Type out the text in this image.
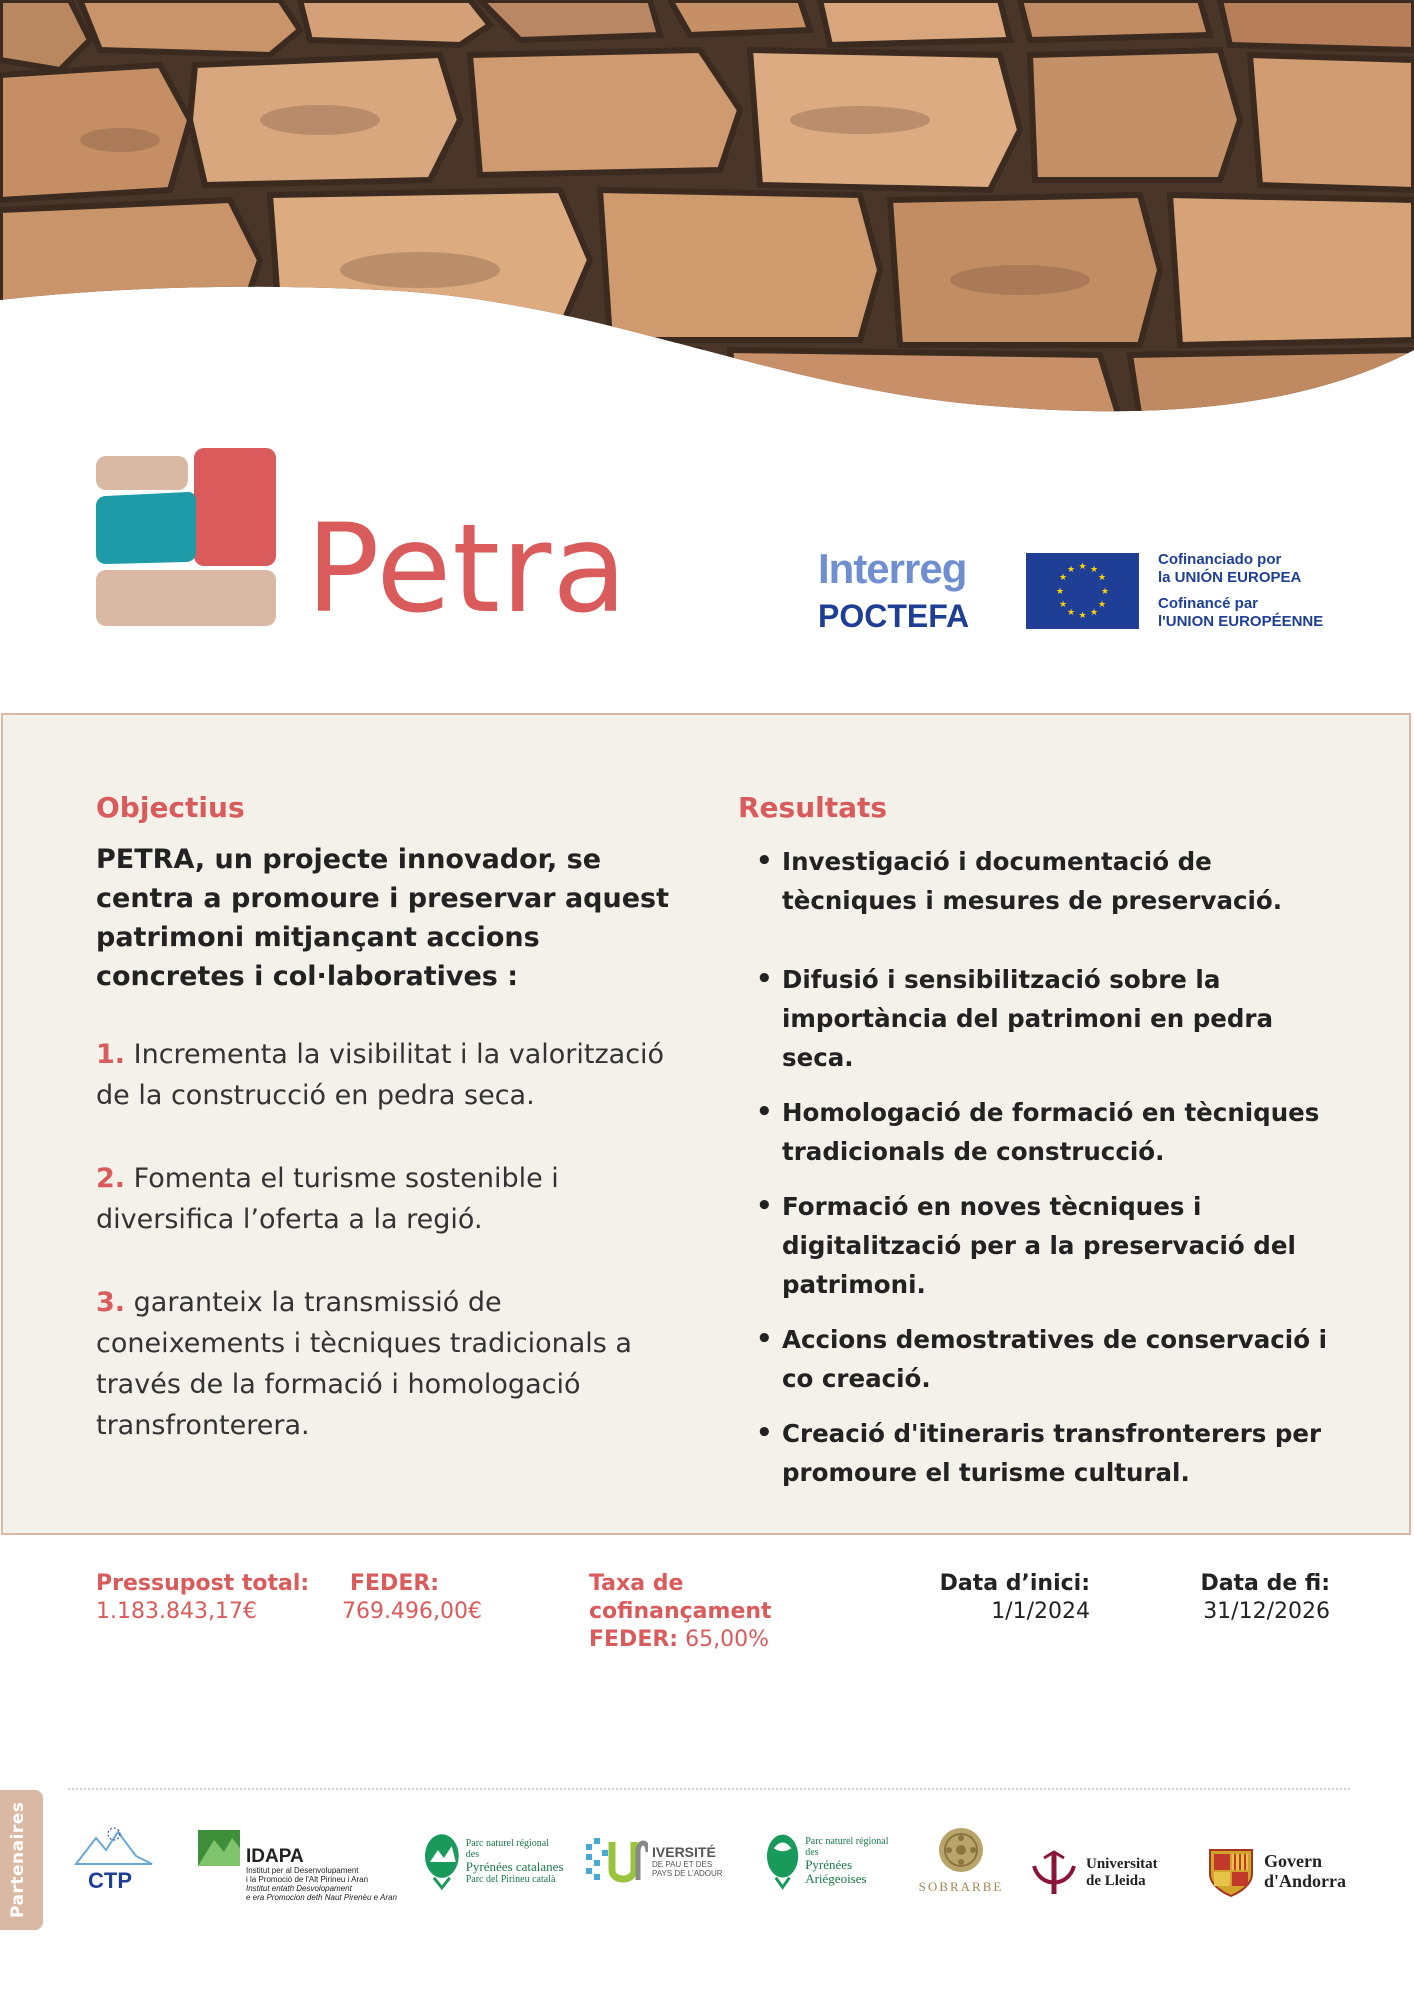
Petra	Interreg
POCTEFA
★ ★
★
★
★
★
★
★
★
★
★
★
Cofinanciado por
la UNIÓN EUROPEA
Cofinancé par
l'UNION EUROPÉENNE
Objectius
PETRA, un projecte innovador, se centra a promoure i preservar aquest patrimoni mitjançant accions concretes i col·laboratives :
1. Incrementa la visibilitat i la valorització de la construcció en pedra seca.
2. Fomenta el turisme sostenible i diversifica l’oferta a la regió.
3. garanteix la transmissió de coneixements i tècniques tradicionals a través de la formació i homologació transfronterera.
Resultats
• Investigació i documentació de tècniques i mesures de preservació.
• Difusió i sensibilització sobre la importància del patrimoni en pedra seca.
• Homologació de formació en tècniques tradicionals de construcció.
• Formació en noves tècniques i digitalització per a la preservació del patrimoni.
• Accions demostratives de conservació i co creació.
• Creació d'itineraris transfronterers per promoure el turisme cultural.
Pressupost total:
1.183.843,17€
FEDER:
769.496,00€
Taxa de
cofinançament
FEDER: 65,00%
Data d’inici:
1/1/2024
Data de fi:
31/12/2026
Partenaires	CTP
IDAPA
Institut per al Desenvolupament
i la Promoció de l'Alt Pirineu i Aran
Institut entath Desvolopament
e era Promocion deth Naut Pirenèu e Aran
Parc naturel régional des
Pyrénées catalanes
Parc del Pirineu català
IVERSITÉ
DE PAU ET DES
PAYS DE L'ADOUR
Parc naturel régional des
Pyrénées
Ariégeoises
SOBRARBE
Universitat
de Lleida
Govern
d'Andorra
